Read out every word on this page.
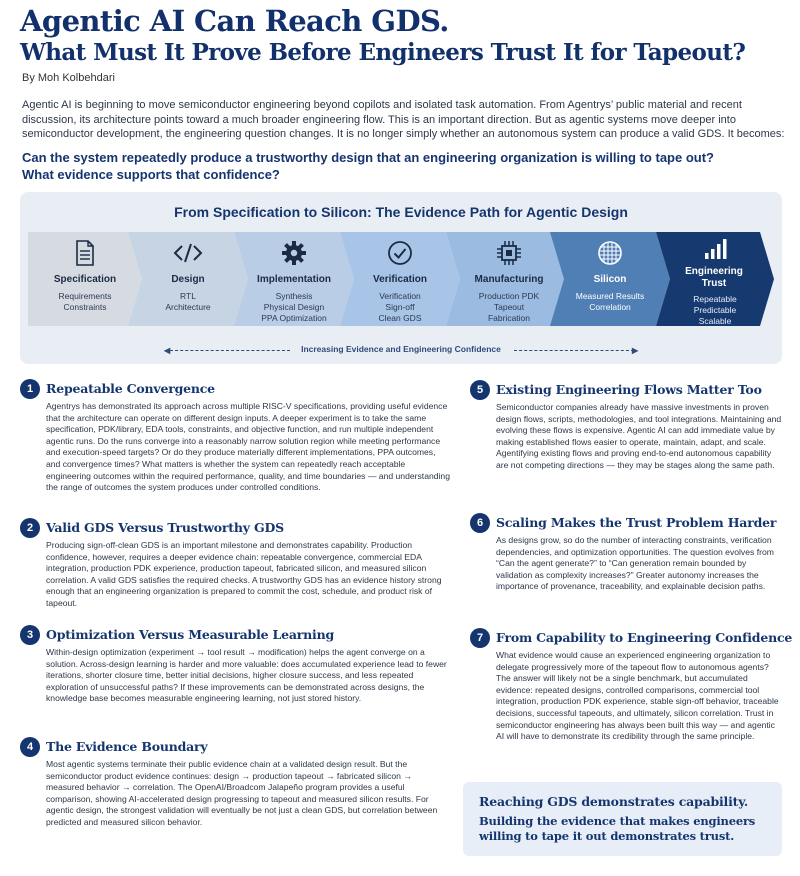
Agentic AI Can Reach GDS.
What Must It Prove Before Engineers Trust It for Tapeout?
By Moh Kolbehdari

Agentic AI is beginning to move semiconductor engineering beyond copilots and isolated task automation. From Agentrys’ public material and recent discussion, its architecture points toward a much broader engineering flow. This is an important direction. But as agentic systems move deeper into semiconductor development, the engineering question changes. It is no longer simply whether an autonomous system can produce a valid GDS. It becomes:

Can the system repeatedly produce a trustworthy design that an engineering organization is willing to tape out?
What evidence supports that confidence?
From Specification to Silicon: The Evidence Path for Agentic Design
Specification
Requirements
Constraints
Design
RTL
Architecture
Implementation
Synthesis
Physical Design
PPA Optimization
Verification
Verification
Sign-off
Clean GDS
Manufacturing
Production PDK
Tapeout
Fabrication
Silicon
Measured Results
Correlation
Engineering Trust
Repeatable
Predictable
Scalable
◀	Increasing Evidence and Engineering Confidence	▶
1	Repeatable Convergence

Agentrys has demonstrated its approach across multiple RISC-V specifications, providing useful evidence that the architecture can operate on different design inputs. A deeper experiment is to take the same specification, PDK/library, EDA tools, constraints, and objective function, and run multiple independent agentic runs. Do the runs converge into a reasonably narrow solution region while meeting performance and execution-speed targets? Or do they produce materially different implementations, PPA outcomes, and convergence times? What matters is whether the system can repeatedly reach acceptable engineering outcomes within the required performance, quality, and time boundaries — and understanding the range of outcomes the system produces under controlled conditions.

2	Valid GDS Versus Trustworthy GDS

Producing sign-off-clean GDS is an important milestone and demonstrates capability. Production confidence, however, requires a deeper evidence chain: repeatable convergence, commercial EDA integration, production PDK experience, production tapeout, fabricated silicon, and measured silicon correlation. A valid GDS satisfies the required checks. A trustworthy GDS has an evidence history strong enough that an engineering organization is prepared to commit the cost, schedule, and product risk of tapeout.

3	Optimization Versus Measurable Learning

Within-design optimization (experiment → tool result → modification) helps the agent converge on a solution. Across-design learning is harder and more valuable: does accumulated experience lead to fewer iterations, shorter closure time, better initial decisions, higher closure success, and less repeated exploration of unsuccessful paths? If these improvements can be demonstrated across designs, the knowledge base becomes measurable engineering learning, not just stored history.

4	The Evidence Boundary

Most agentic systems terminate their public evidence chain at a validated design result. But the semiconductor product evidence continues: design → production tapeout → fabricated silicon → measured behavior → correlation. The OpenAI/Broadcom Jalapeño program provides a useful comparison, showing AI-accelerated design progressing to tapeout and measured silicon results. For agentic design, the strongest validation will eventually be not just a clean GDS, but correlation between predicted and measured silicon behavior.

5	Existing Engineering Flows Matter Too

Semiconductor companies already have massive investments in proven design flows, scripts, methodologies, and tool integrations. Maintaining and evolving these flows is expensive. Agentic AI can add immediate value by making established flows easier to operate, maintain, adapt, and scale. Agentifying existing flows and proving end-to-end autonomous capability are not competing directions — they may be stages along the same path.

6	Scaling Makes the Trust Problem Harder

As designs grow, so do the number of interacting constraints, verification dependencies, and optimization opportunities. The question evolves from “Can the agent generate?” to “Can generation remain bounded by validation as complexity increases?” Greater autonomy increases the importance of provenance, traceability, and explainable decision paths.

7	From Capability to Engineering Confidence

What evidence would cause an experienced engineering organization to delegate progressively more of the tapeout flow to autonomous agents? The answer will likely not be a single benchmark, but accumulated evidence: repeated designs, controlled comparisons, commercial tool integration, production PDK experience, stable sign-off behavior, traceable decisions, successful tapeouts, and ultimately, silicon correlation. Trust in semiconductor engineering has always been built this way — and agentic AI will have to demonstrate its credibility through the same principle.

Reaching GDS demonstrates capability.
Building the evidence that makes engineers willing to tape it out demonstrates trust.
